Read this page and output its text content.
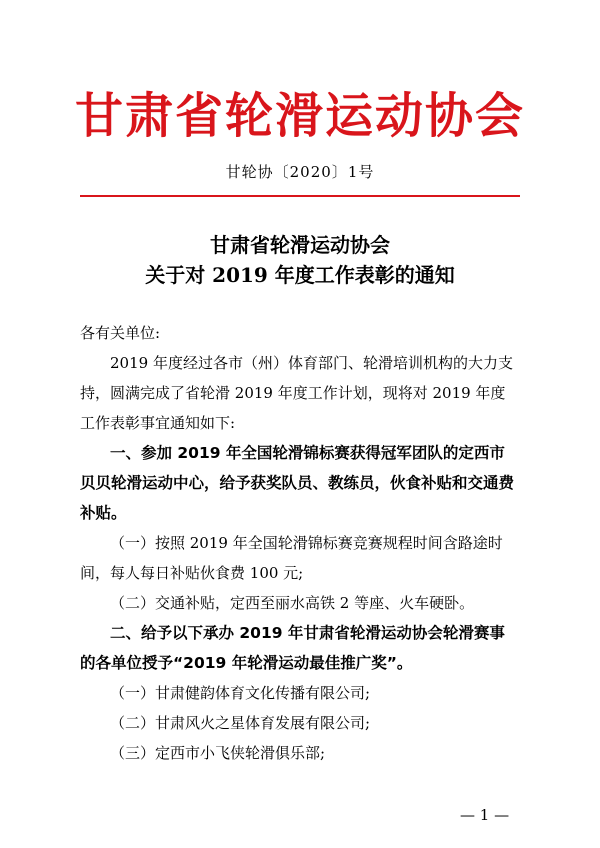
甘肃省轮滑运动协会
甘轮协〔2020〕1号
甘肃省轮滑运动协会
关于对 2019 年度工作表彰的通知

各有关单位:

2019 年度经过各市（州）体育部门、轮滑培训机构的大力支持，圆满完成了省轮滑 2019 年度工作计划，现将对 2019 年度工作表彰事宜通知如下:

一、参加 2019 年全国轮滑锦标赛获得冠军团队的定西市贝贝轮滑运动中心，给予获奖队员、教练员，伙食补贴和交通费补贴。

（一）按照 2019 年全国轮滑锦标赛竞赛规程时间含路途时间，每人每日补贴伙食费 100 元;

（二）交通补贴，定西至丽水高铁 2 等座、火车硬卧。

二、给予以下承办 2019 年甘肃省轮滑运动协会轮滑赛事的各单位授予“2019 年轮滑运动最佳推广奖”。

（一）甘肃健韵体育文化传播有限公司;

（二）甘肃风火之星体育发展有限公司;

（三）定西市小飞侠轮滑俱乐部;

— 1 —
